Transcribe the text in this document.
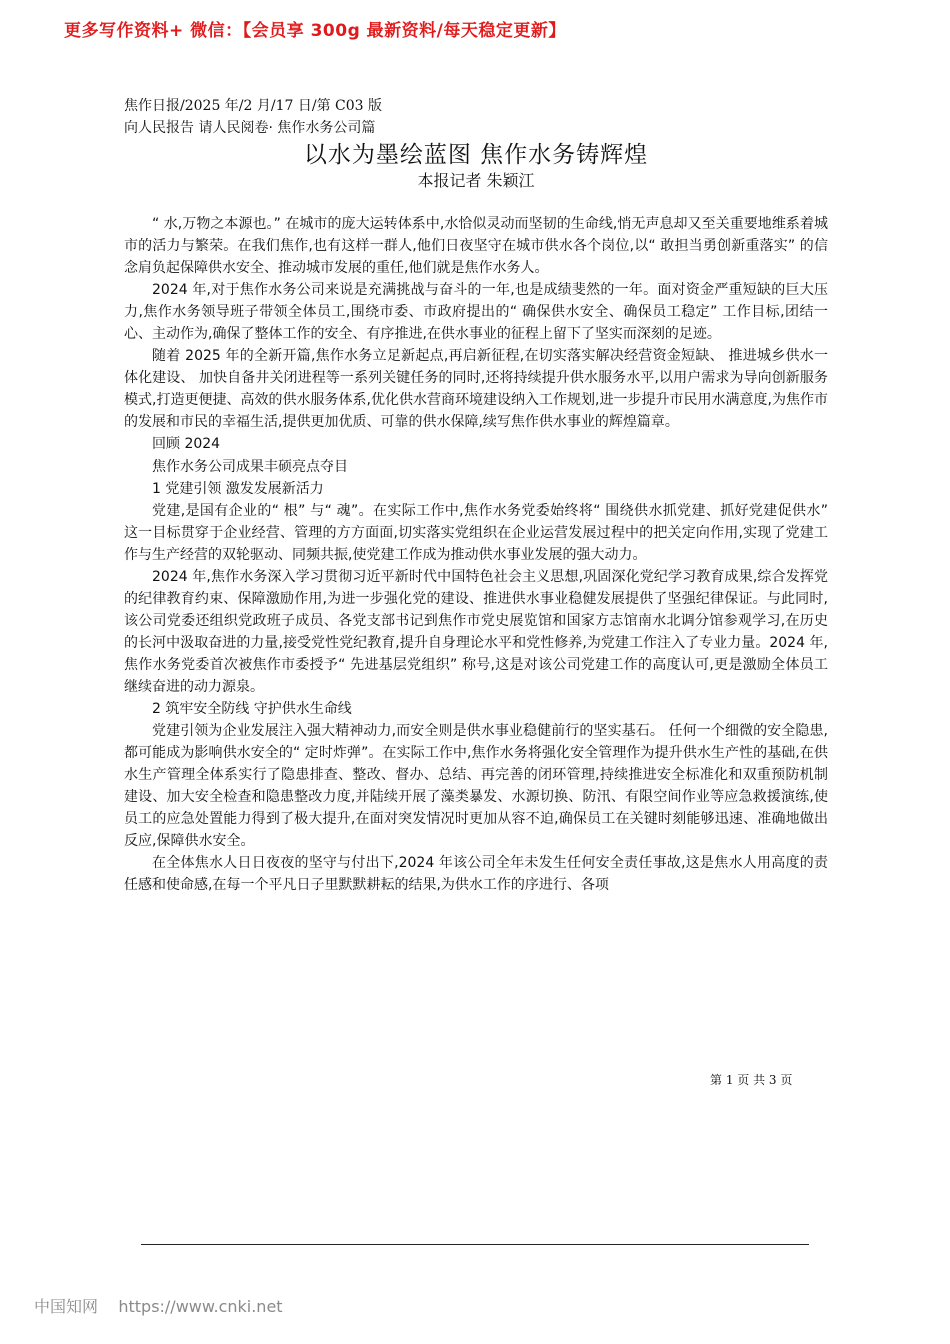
更多写作资料+ 微信：【会员享 300g 最新资料/每天稳定更新】
焦作日报/2025 年/2 月/17 日/第 C03 版
向人民报告 请人民阅卷· 焦作水务公司篇
以水为墨绘蓝图 焦作水务铸辉煌
本报记者 朱颖江

“ 水,万物之本源也。” 在城市的庞大运转体系中,水恰似灵动而坚韧的生命线,悄无声息却又至关重要地维系着城市的活力与繁荣。在我们焦作,也有这样一群人,他们日夜坚守在城市供水各个岗位,以“ 敢担当勇创新重落实” 的信念肩负起保障供水安全、推动城市发展的重任,他们就是焦作水务人。

2024 年,对于焦作水务公司来说是充满挑战与奋斗的一年,也是成绩斐然的一年。面对资金严重短缺的巨大压力,焦作水务领导班子带领全体员工,围绕市委、市政府提出的“ 确保供水安全、确保员工稳定” 工作目标,团结一心、主动作为,确保了整体工作的安全、有序推进,在供水事业的征程上留下了坚实而深刻的足迹。

随着 2025 年的全新开篇,焦作水务立足新起点,再启新征程,在切实落实解决经营资金短缺、 推进城乡供水一体化建设、 加快自备井关闭进程等一系列关键任务的同时,还将持续提升供水服务水平,以用户需求为导向创新服务模式,打造更便捷、高效的供水服务体系,优化供水营商环境建设纳入工作规划,进一步提升市民用水满意度,为焦作市的发展和市民的幸福生活,提供更加优质、可靠的供水保障,续写焦作供水事业的辉煌篇章。

回顾 2024

焦作水务公司成果丰硕亮点夺目

1 党建引领 激发发展新活力

党建,是国有企业的“ 根” 与“ 魂”。在实际工作中,焦作水务党委始终将“ 围绕供水抓党建、抓好党建促供水” 这一目标贯穿于企业经营、管理的方方面面,切实落实党组织在企业运营发展过程中的把关定向作用,实现了党建工作与生产经营的双轮驱动、同频共振,使党建工作成为推动供水事业发展的强大动力。

2024 年,焦作水务深入学习贯彻习近平新时代中国特色社会主义思想,巩固深化党纪学习教育成果,综合发挥党的纪律教育约束、保障激励作用,为进一步强化党的建设、推进供水事业稳健发展提供了坚强纪律保证。与此同时,该公司党委还组织党政班子成员、各党支部书记到焦作市党史展览馆和国家方志馆南水北调分馆参观学习,在历史的长河中汲取奋进的力量,接受党性党纪教育,提升自身理论水平和党性修养,为党建工作注入了专业力量。2024 年,焦作水务党委首次被焦作市委授予“ 先进基层党组织” 称号,这是对该公司党建工作的高度认可,更是激励全体员工继续奋进的动力源泉。

2 筑牢安全防线 守护供水生命线

党建引领为企业发展注入强大精神动力,而安全则是供水事业稳健前行的坚实基石。 任何一个细微的安全隐患,都可能成为影响供水安全的“ 定时炸弹”。在实际工作中,焦作水务将强化安全管理作为提升供水生产性的基础,在供水生产管理全体系实行了隐患排查、整改、督办、总结、再完善的闭环管理,持续推进安全标准化和双重预防机制建设、加大安全检查和隐患整改力度,并陆续开展了藻类暴发、水源切换、防汛、有限空间作业等应急救援演练,使员工的应急处置能力得到了极大提升,在面对突发情况时更加从容不迫,确保员工在关键时刻能够迅速、准确地做出反应,保障供水安全。

在全体焦水人日日夜夜的坚守与付出下,2024 年该公司全年未发生任何安全责任事故,这是焦水人用高度的责任感和使命感,在每一个平凡日子里默默耕耘的结果,为供水工作的序进行、各项

第 1 页 共 3 页
中国知网    https://www.cnki.net
